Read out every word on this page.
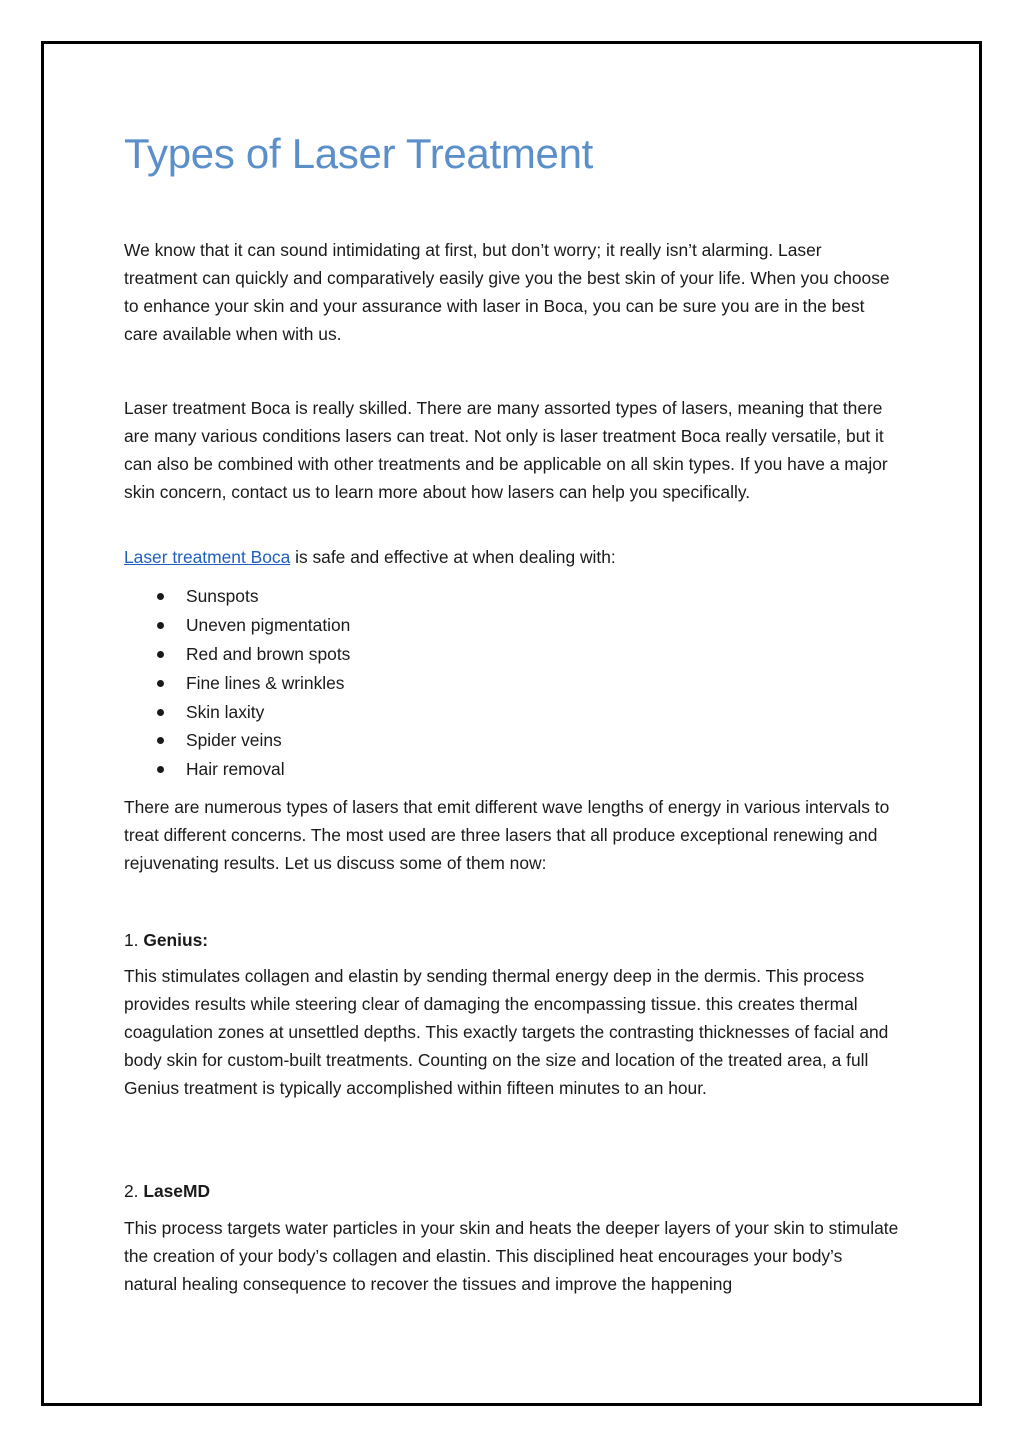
Types of Laser Treatment

We know that it can sound intimidating at first, but don’t worry; it really isn’t alarming. Laser treatment can quickly and comparatively easily give you the best skin of your life. When you choose to enhance your skin and your assurance with laser in Boca, you can be sure you are in the best care available when with us.

Laser treatment Boca is really skilled. There are many assorted types of lasers, meaning that there are many various conditions lasers can treat. Not only is laser treatment Boca really versatile, but it can also be combined with other treatments and be applicable on all skin types. If you have a major skin concern, contact us to learn more about how lasers can help you specifically.

Laser treatment Boca is safe and effective at when dealing with:

Sunspots
Uneven pigmentation
Red and brown spots
Fine lines & wrinkles
Skin laxity
Spider veins
Hair removal

There are numerous types of lasers that emit different wave lengths of energy in various intervals to treat different concerns. The most used are three lasers that all produce exceptional renewing and rejuvenating results. Let us discuss some of them now:

1. Genius:

This stimulates collagen and elastin by sending thermal energy deep in the dermis. This process provides results while steering clear of damaging the encompassing tissue. this creates thermal coagulation zones at unsettled depths. This exactly targets the contrasting thicknesses of facial and body skin for custom-built treatments. Counting on the size and location of the treated area, a full Genius treatment is typically accomplished within fifteen minutes to an hour.

2. LaseMD

This process targets water particles in your skin and heats the deeper layers of your skin to stimulate the creation of your body’s collagen and elastin. This disciplined heat encourages your body’s natural healing consequence to recover the tissues and improve the happening
